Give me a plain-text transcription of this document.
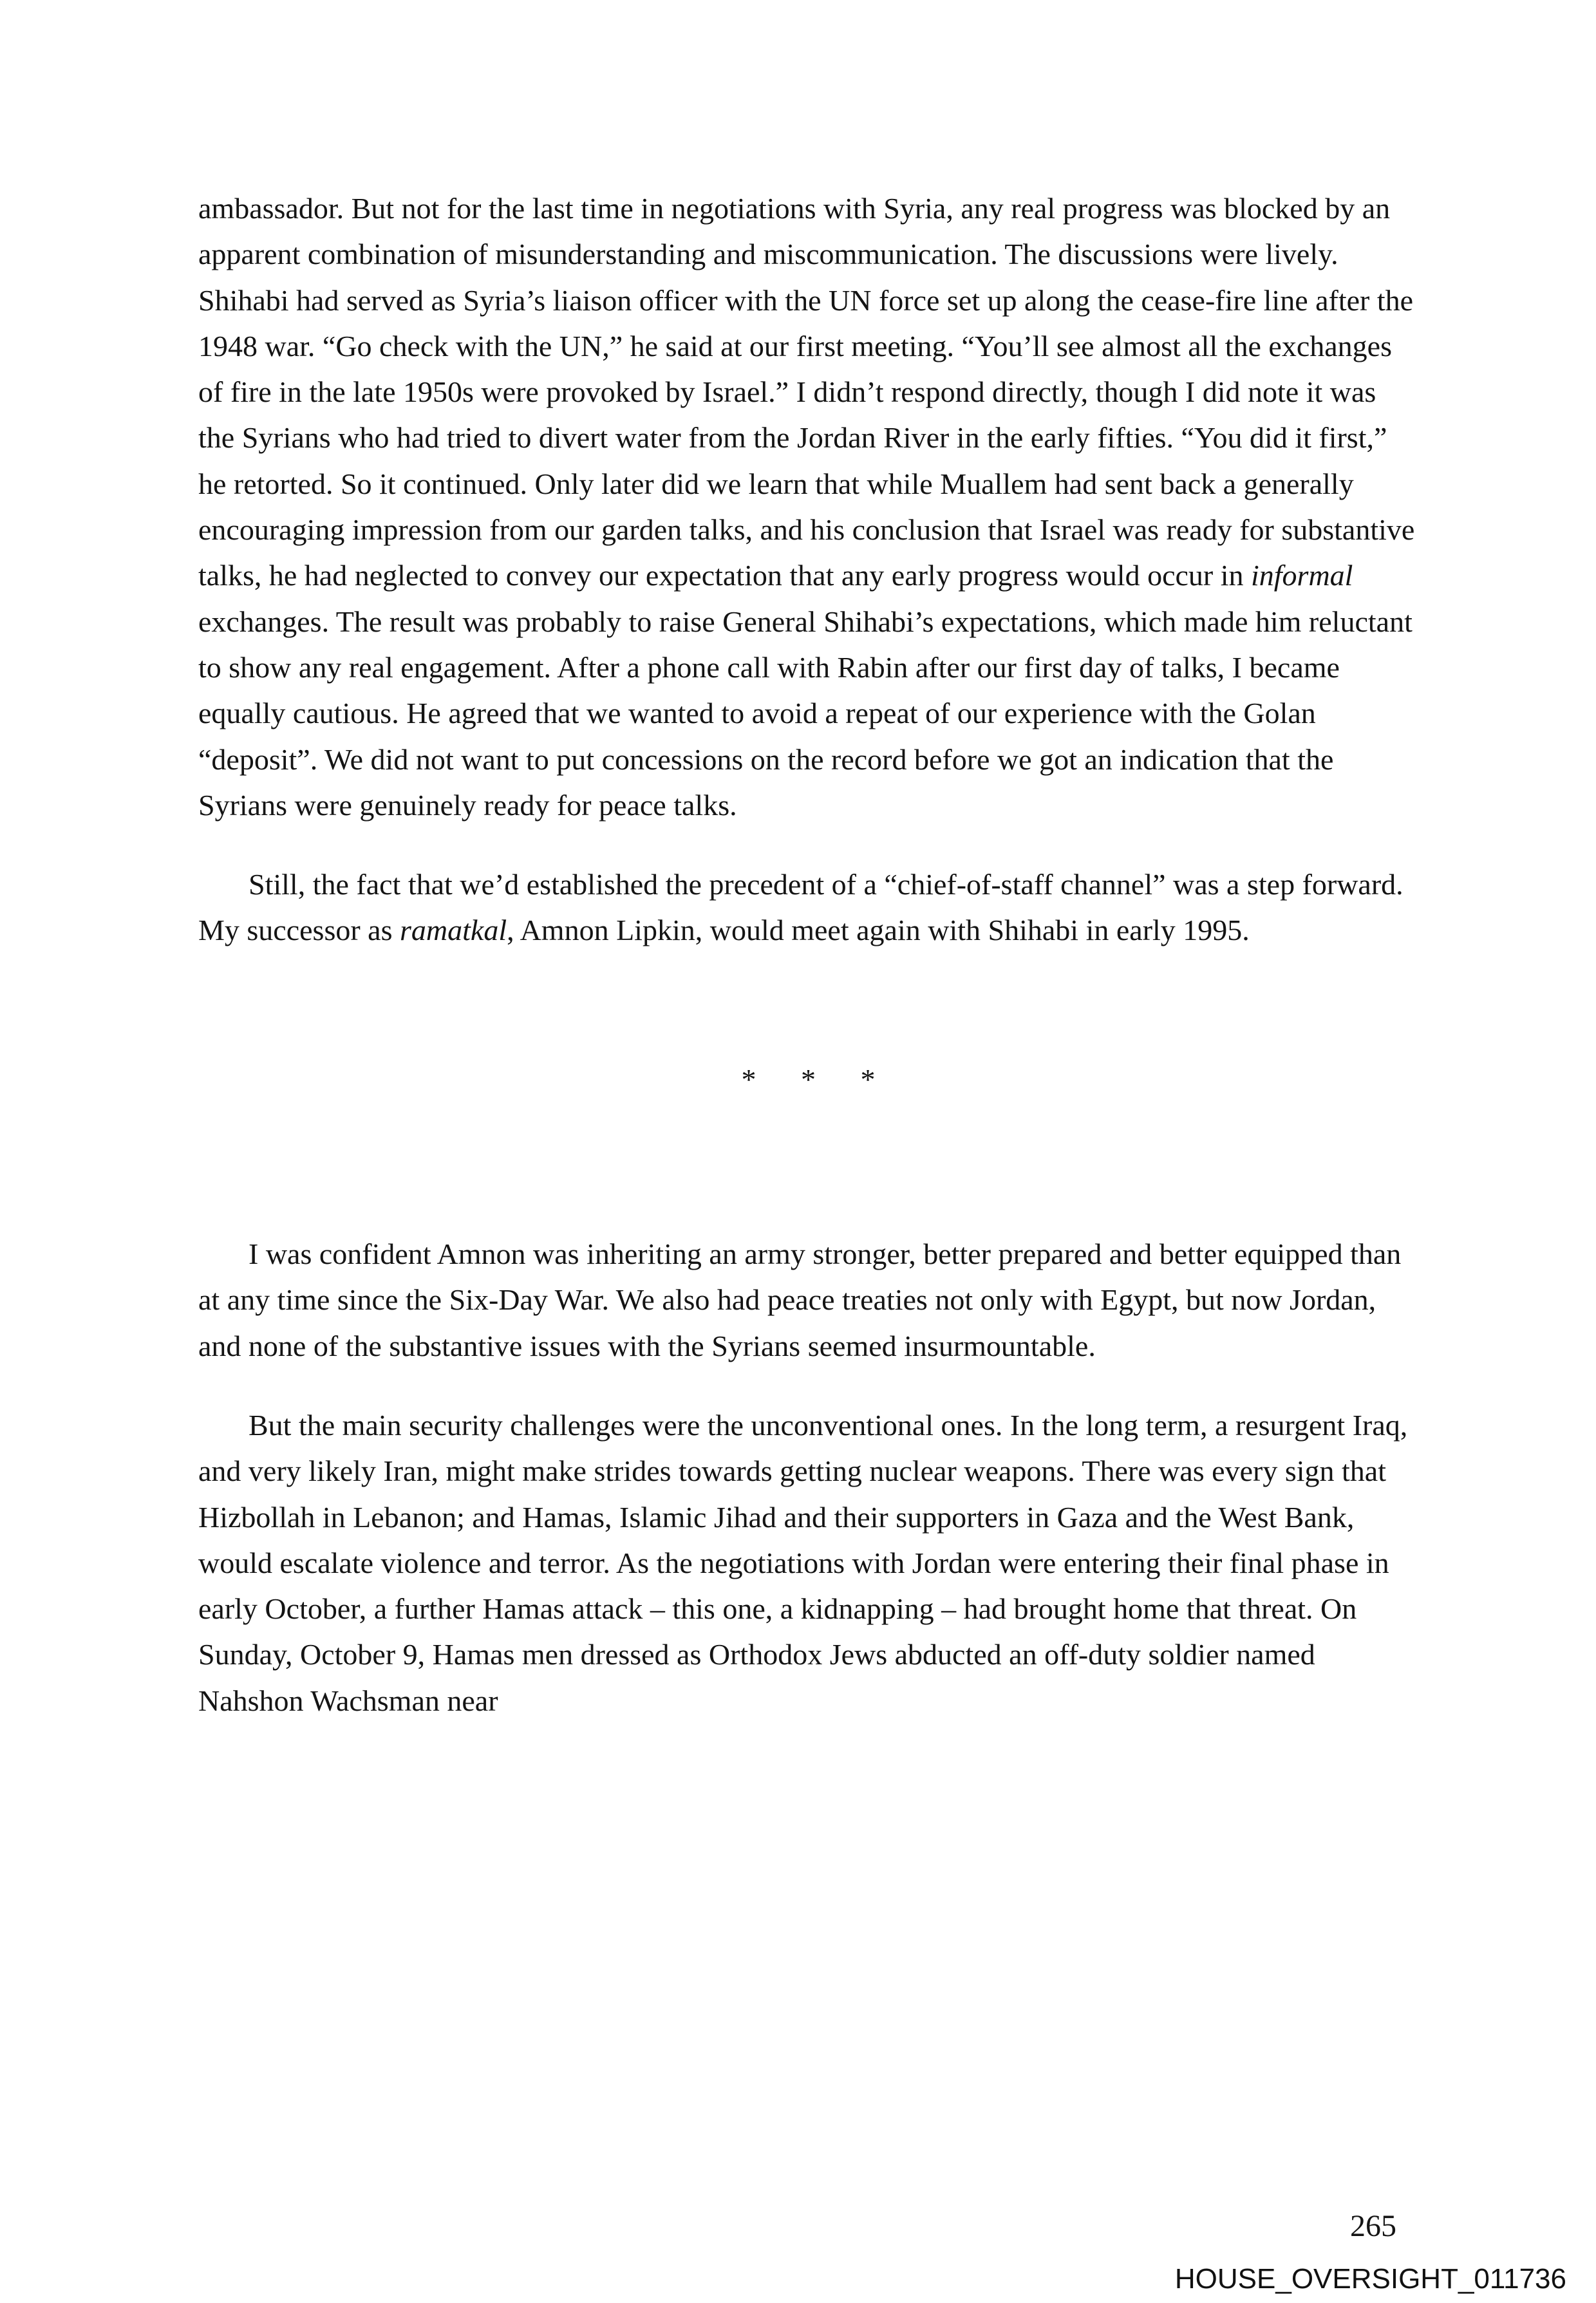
ambassador. But not for the last time in negotiations with Syria, any real progress was blocked by an apparent combination of misunderstanding and miscommunication. The discussions were lively. Shihabi had served as Syria’s liaison officer with the UN force set up along the cease-fire line after the 1948 war. “Go check with the UN,” he said at our first meeting. “You’ll see almost all the exchanges of fire in the late 1950s were provoked by Israel.” I didn’t respond directly, though I did note it was the Syrians who had tried to divert water from the Jordan River in the early fifties. “You did it first,” he retorted. So it continued. Only later did we learn that while Muallem had sent back a generally encouraging impression from our garden talks, and his conclusion that Israel was ready for substantive talks, he had neglected to convey our expectation that any early progress would occur in informal exchanges. The result was probably to raise General Shihabi’s expectations, which made him reluctant to show any real engagement. After a phone call with Rabin after our first day of talks, I became equally cautious. He agreed that we wanted to avoid a repeat of our experience with the Golan “deposit”. We did not want to put concessions on the record before we got an indication that the Syrians were genuinely ready for peace talks.

Still, the fact that we’d established the precedent of a “chief-of-staff channel” was a step forward. My successor as ramatkal, Amnon Lipkin, would meet again with Shihabi in early 1995.

* * *

I was confident Amnon was inheriting an army stronger, better prepared and better equipped than at any time since the Six-Day War. We also had peace treaties not only with Egypt, but now Jordan, and none of the substantive issues with the Syrians seemed insurmountable.

But the main security challenges were the unconventional ones. In the long term, a resurgent Iraq, and very likely Iran, might make strides towards getting nuclear weapons. There was every sign that Hizbollah in Lebanon; and Hamas, Islamic Jihad and their supporters in Gaza and the West Bank, would escalate violence and terror. As the negotiations with Jordan were entering their final phase in early October, a further Hamas attack – this one, a kidnapping – had brought home that threat. On Sunday, October 9, Hamas men dressed as Orthodox Jews abducted an off-duty soldier named Nahshon Wachsman near

265
HOUSE_OVERSIGHT_011736
